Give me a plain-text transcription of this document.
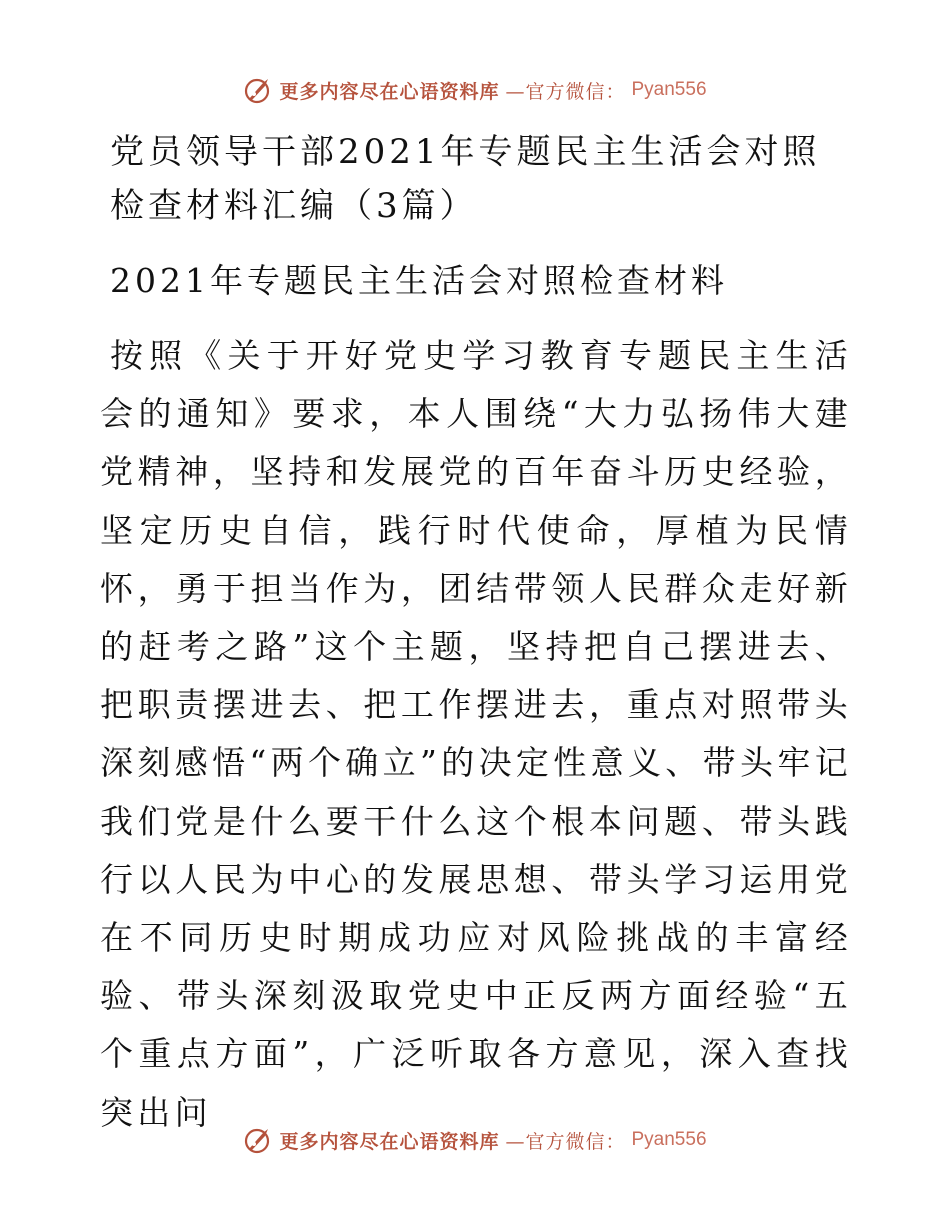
更多内容尽在心语资料库 —官方微信： Pyan556
党员领导干部2021年专题民主生活会对照检查材料汇编（3篇）
2021年专题民主生活会对照检查材料

按照《关于开好党史学习教育专题民主生活会的通知》要求，本人围绕“大力弘扬伟大建党精神，坚持和发展党的百年奋斗历史经验，坚定历史自信，践行时代使命，厚植为民情怀，勇于担当作为，团结带领人民群众走好新的赶考之路”这个主题，坚持把自己摆进去、把职责摆进去、把工作摆进去，重点对照带头深刻感悟“两个确立”的决定性意义、带头牢记我们党是什么要干什么这个根本问题、带头践行以人民为中心的发展思想、带头学习运用党在不同历史时期成功应对风险挑战的丰富经验、带头深刻汲取党史中正反两方面经验“五个重点方面”，广泛听取各方意见，深入查找突出问

更多内容尽在心语资料库 —官方微信： Pyan556
